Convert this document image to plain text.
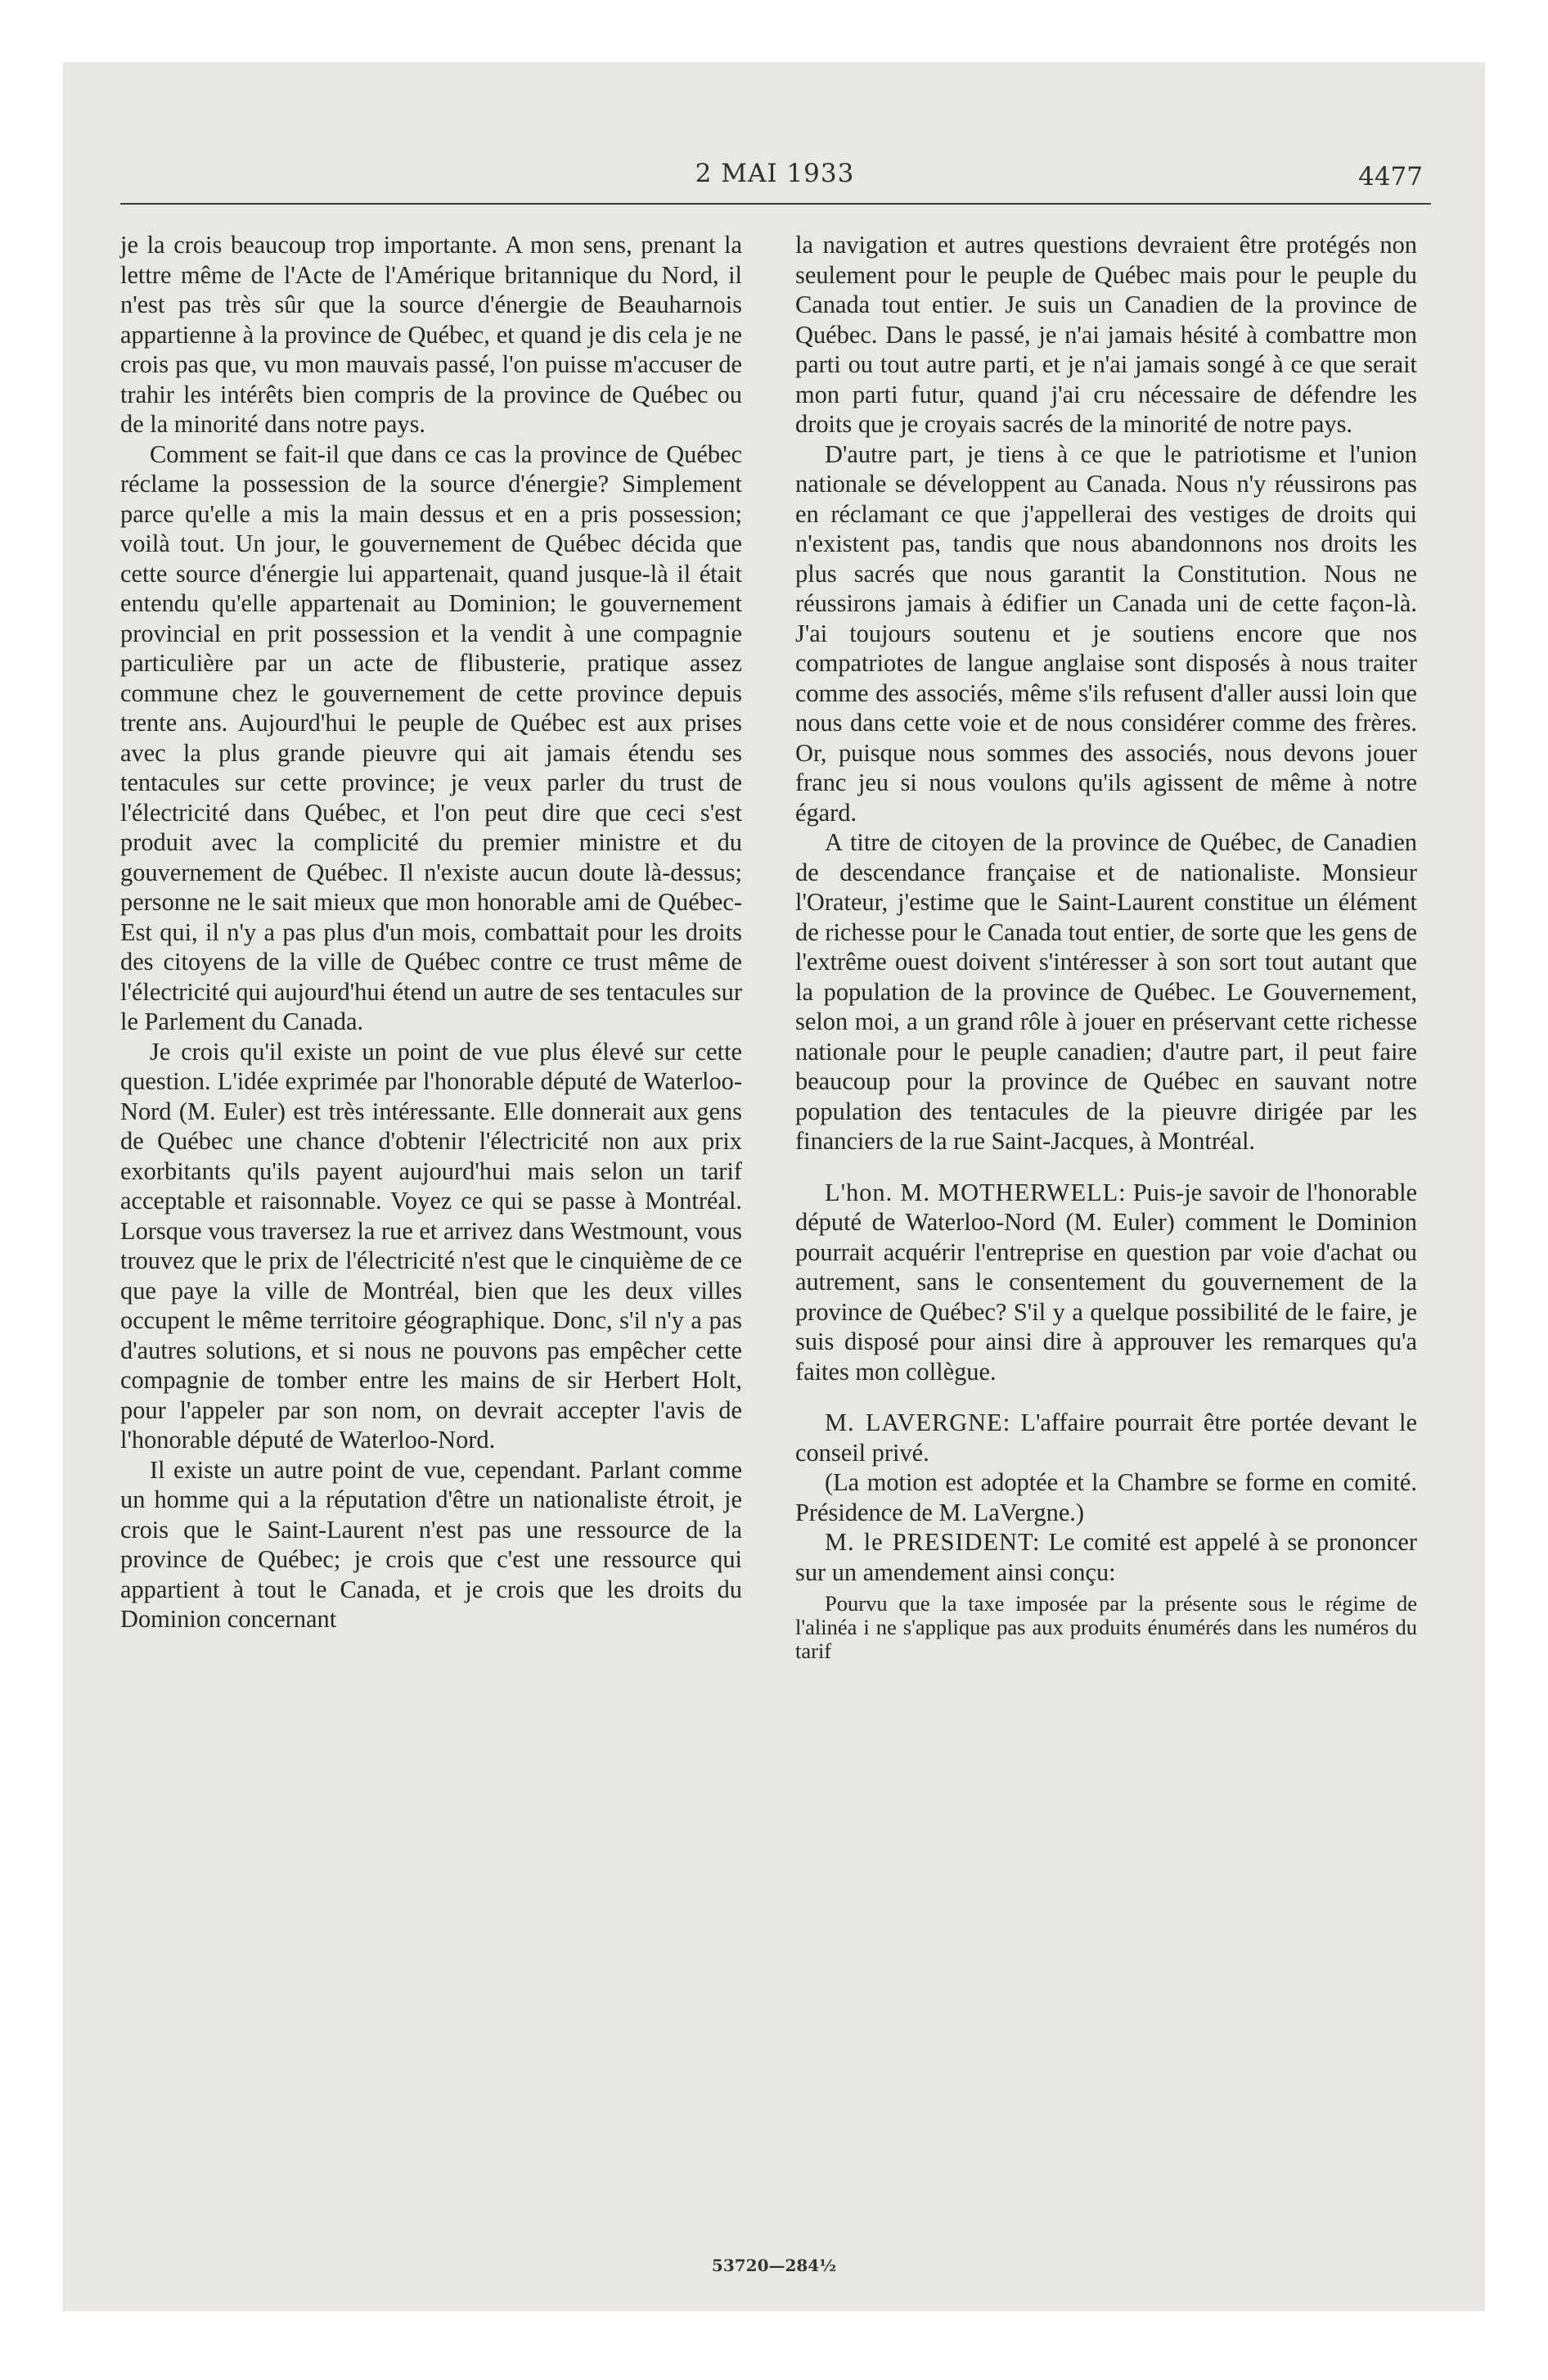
2 MAI 1933	4477

je la crois beaucoup trop importante. A mon sens, prenant la lettre même de l'Acte de l'Amérique britannique du Nord, il n'est pas très sûr que la source d'énergie de Beauharnois appartienne à la province de Québec, et quand je dis cela je ne crois pas que, vu mon mauvais passé, l'on puisse m'accuser de trahir les intérêts bien compris de la province de Québec ou de la minorité dans notre pays.

Comment se fait-il que dans ce cas la province de Québec réclame la possession de la source d'énergie? Simplement parce qu'elle a mis la main dessus et en a pris possession; voilà tout. Un jour, le gouvernement de Québec décida que cette source d'énergie lui appartenait, quand jusque-là il était entendu qu'elle appartenait au Dominion; le gouvernement provincial en prit possession et la vendit à une compagnie particulière par un acte de flibusterie, pratique assez commune chez le gouvernement de cette province depuis trente ans. Aujourd'hui le peuple de Québec est aux prises avec la plus grande pieuvre qui ait jamais étendu ses tentacules sur cette province; je veux parler du trust de l'électricité dans Québec, et l'on peut dire que ceci s'est produit avec la complicité du premier ministre et du gouvernement de Québec. Il n'existe aucun doute là-dessus; personne ne le sait mieux que mon honorable ami de Québec-Est qui, il n'y a pas plus d'un mois, combattait pour les droits des citoyens de la ville de Québec contre ce trust même de l'électricité qui aujourd'hui étend un autre de ses tentacules sur le Parlement du Canada.

Je crois qu'il existe un point de vue plus élevé sur cette question. L'idée exprimée par l'honorable député de Waterloo-Nord (M. Euler) est très intéressante. Elle donnerait aux gens de Québec une chance d'obtenir l'électricité non aux prix exorbitants qu'ils payent aujourd'hui mais selon un tarif acceptable et raisonnable. Voyez ce qui se passe à Montréal. Lorsque vous traversez la rue et arrivez dans Westmount, vous trouvez que le prix de l'électricité n'est que le cinquième de ce que paye la ville de Montréal, bien que les deux villes occupent le même territoire géographique. Donc, s'il n'y a pas d'autres solutions, et si nous ne pouvons pas empêcher cette compagnie de tomber entre les mains de sir Herbert Holt, pour l'appeler par son nom, on devrait accepter l'avis de l'honorable député de Waterloo-Nord.

Il existe un autre point de vue, cependant. Parlant comme un homme qui a la réputation d'être un nationaliste étroit, je crois que le Saint-Laurent n'est pas une ressource de la province de Québec; je crois que c'est une ressource qui appartient à tout le Canada, et je crois que les droits du Dominion concernant

la navigation et autres questions devraient être protégés non seulement pour le peuple de Québec mais pour le peuple du Canada tout entier. Je suis un Canadien de la province de Québec. Dans le passé, je n'ai jamais hésité à combattre mon parti ou tout autre parti, et je n'ai jamais songé à ce que serait mon parti futur, quand j'ai cru nécessaire de défendre les droits que je croyais sacrés de la minorité de notre pays.

D'autre part, je tiens à ce que le patriotisme et l'union nationale se développent au Canada. Nous n'y réussirons pas en réclamant ce que j'appellerai des vestiges de droits qui n'existent pas, tandis que nous abandonnons nos droits les plus sacrés que nous garantit la Constitution. Nous ne réussirons jamais à édifier un Canada uni de cette façon-là. J'ai toujours soutenu et je soutiens encore que nos compatriotes de langue anglaise sont disposés à nous traiter comme des associés, même s'ils refusent d'aller aussi loin que nous dans cette voie et de nous considérer comme des frères. Or, puisque nous sommes des associés, nous devons jouer franc jeu si nous voulons qu'ils agissent de même à notre égard.

A titre de citoyen de la province de Québec, de Canadien de descendance française et de nationaliste. Monsieur l'Orateur, j'estime que le Saint-Laurent constitue un élément de richesse pour le Canada tout entier, de sorte que les gens de l'extrême ouest doivent s'intéresser à son sort tout autant que la population de la province de Québec. Le Gouvernement, selon moi, a un grand rôle à jouer en préservant cette richesse nationale pour le peuple canadien; d'autre part, il peut faire beaucoup pour la province de Québec en sauvant notre population des tentacules de la pieuvre dirigée par les financiers de la rue Saint-Jacques, à Montréal.

L'hon. M. MOTHERWELL: Puis-je savoir de l'honorable député de Waterloo-Nord (M. Euler) comment le Dominion pourrait acquérir l'entreprise en question par voie d'achat ou autrement, sans le consentement du gouvernement de la province de Québec? S'il y a quelque possibilité de le faire, je suis disposé pour ainsi dire à approuver les remarques qu'a faites mon collègue.

M. LAVERGNE: L'affaire pourrait être portée devant le conseil privé.

(La motion est adoptée et la Chambre se forme en comité. Présidence de M. LaVergne.)

M. le PRESIDENT: Le comité est appelé à se prononcer sur un amendement ainsi conçu:

Pourvu que la taxe imposée par la présente sous le régime de l'alinéa i ne s'applique pas aux produits énumérés dans les numéros du tarif

53720—284½
